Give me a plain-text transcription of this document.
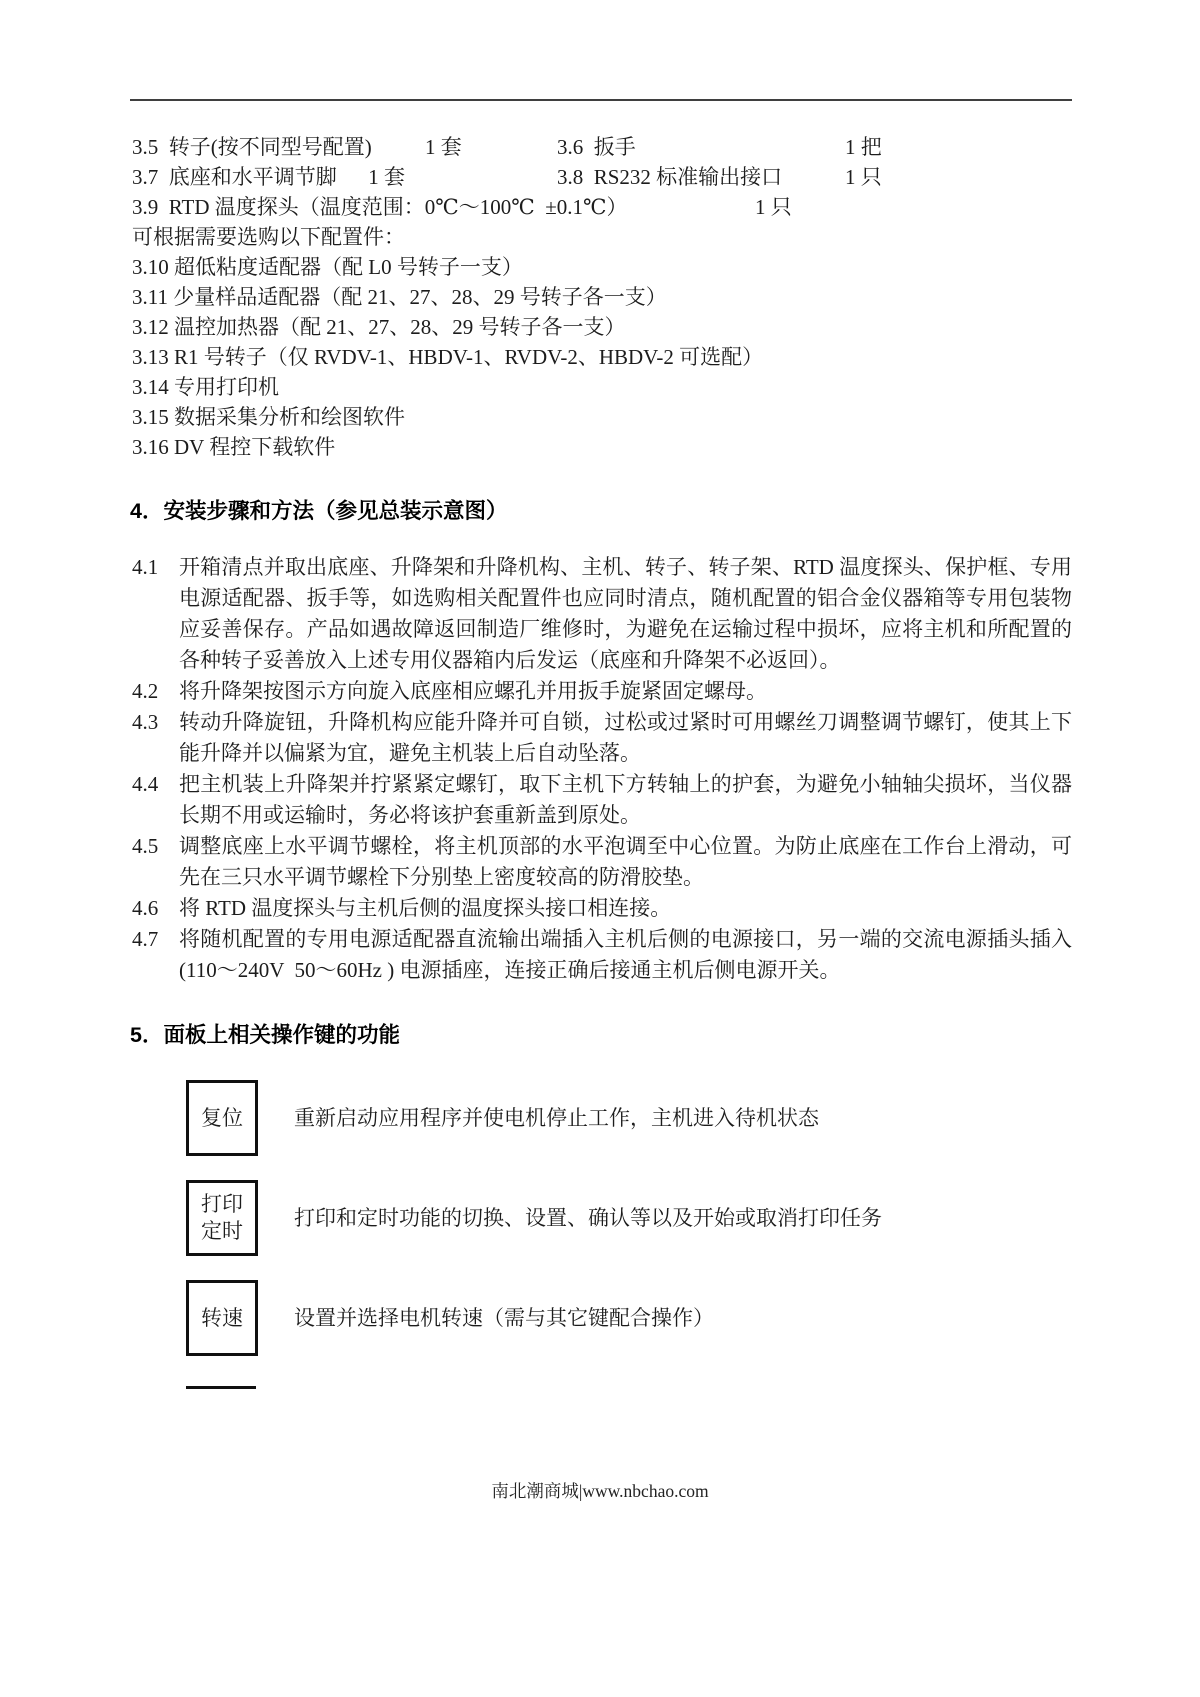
3.5  转子(按不同型号配置)	1 套	3.6  扳手	1 把
3.7  底座和水平调节脚      1 套	3.8  RS232 标准输出接口	1 只
3.9  RTD 温度探头（温度范围：0℃～100℃  ±0.1℃）	1 只
可根据需要选购以下配置件：
3.10 超低粘度适配器（配 L0 号转子一支）
3.11 少量样品适配器（配 21、27、28、29 号转子各一支）
3.12 温控加热器（配 21、27、28、29 号转子各一支）
3.13 R1 号转子（仅 RVDV-1、HBDV-1、RVDV-2、HBDV-2 可选配）
3.14 专用打印机
3.15 数据采集分析和绘图软件
3.16 DV 程控下载软件
4．安装步骤和方法（参见总装示意图）
4.1 开箱清点并取出底座、升降架和升降机构、主机、转子、转子架、RTD 温度探头、保护框、专用电源适配器、扳手等，如选购相关配置件也应同时清点，随机配置的铝合金仪器箱等专用包装物应妥善保存。产品如遇故障返回制造厂维修时，为避免在运输过程中损坏，应将主机和所配置的各种转子妥善放入上述专用仪器箱内后发运（底座和升降架不必返回）。
4.2 将升降架按图示方向旋入底座相应螺孔并用扳手旋紧固定螺母。
4.3 转动升降旋钮，升降机构应能升降并可自锁，过松或过紧时可用螺丝刀调整调节螺钉，使其上下能升降并以偏紧为宜，避免主机装上后自动坠落。
4.4 把主机装上升降架并拧紧紧定螺钉，取下主机下方转轴上的护套，为避免小轴轴尖损坏，当仪器长期不用或运输时，务必将该护套重新盖到原处。
4.5 调整底座上水平调节螺栓，将主机顶部的水平泡调至中心位置。为防止底座在工作台上滑动，可先在三只水平调节螺栓下分别垫上密度较高的防滑胶垫。
4.6 将 RTD 温度探头与主机后侧的温度探头接口相连接。
4.7 将随机配置的专用电源适配器直流输出端插入主机后侧的电源接口，另一端的交流电源插头插入(110～240V  50～60Hz ) 电源插座，连接正确后接通主机后侧电源开关。
5．面板上相关操作键的功能
复位 重新启动应用程序并使电机停止工作，主机进入待机状态
打印
定时
打印和定时功能的切换、设置、确认等以及开始或取消打印任务
转速 设置并选择电机转速（需与其它键配合操作）
南北潮商城|www.nbchao.com
